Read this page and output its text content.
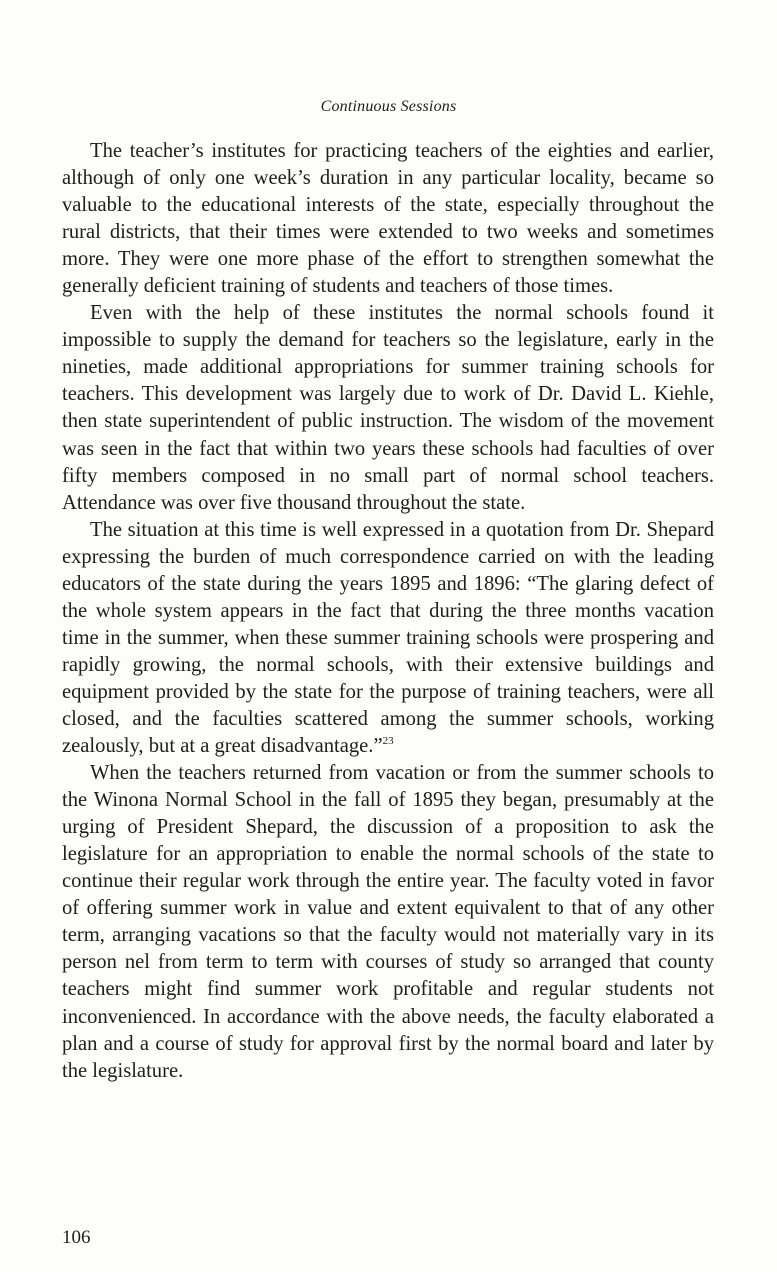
Continuous Sessions

The teacher’s institutes for practicing teachers of the eighties and earlier, although of only one week’s duration in any particular locality, became so valuable to the educational interests of the state, especially throughout the rural districts, that their times were extended to two weeks and sometimes more. They were one more phase of the effort to strengthen somewhat the generally deficient training of students and teachers of those times.

Even with the help of these institutes the normal schools found it impossible to supply the demand for teachers so the legislature, early in the nineties, made additional appropriations for summer training schools for teachers. This development was largely due to work of Dr. David L. Kiehle, then state superintendent of public instruction. The wisdom of the movement was seen in the fact that within two years these schools had faculties of over fifty members composed in no small part of normal school teachers. Attendance was over five thousand throughout the state.

The situation at this time is well expressed in a quotation from Dr. Shepard expressing the burden of much correspondence carried on with the leading educators of the state during the years 1895 and 1896: “The glaring defect of the whole system appears in the fact that during the three months vacation time in the summer, when these summer training schools were prospering and rapidly growing, the normal schools, with their extensive buildings and equipment provided by the state for the purpose of training teachers, were all closed, and the faculties scattered among the summer schools, working zealously, but at a great disadvantage.”$^{23}$

When the teachers returned from vacation or from the summer schools to the Winona Normal School in the fall of 1895 they began, presumably at the urging of President Shepard, the discussion of a proposition to ask the legislature for an appropriation to enable the normal schools of the state to continue their regular work through the entire year. The faculty voted in favor of offering summer work in value and extent equivalent to that of any other term, arranging vacations so that the faculty would not materially vary in its person nel from term to term with courses of study so arranged that county teachers might find summer work profitable and regular students not inconvenienced. In accordance with the above needs, the faculty elaborated a plan and a course of study for approval first by the normal board and later by the legislature.

106
